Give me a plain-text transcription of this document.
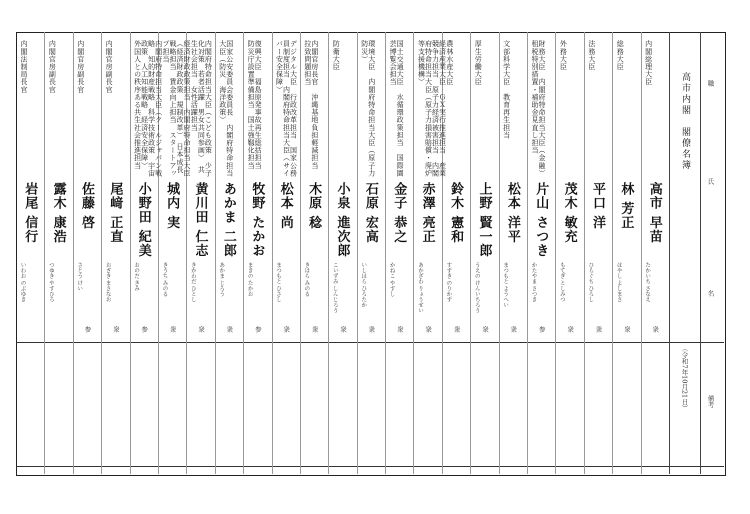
職
氏
名
備考
高市内閣　閣僚名簿
（令和7年10月21日）
内閣総理大臣
高市 早苗
たかいち さなえ
衆
総務大臣
林 芳正
はやし よしまさ
衆
法務大臣
平口 洋
ひらぐち ひろし
衆
外務大臣
茂木 敏充
もてぎ としみつ
衆
財務大臣　内閣府特命担当大臣（金融）　租税特別措置・補助金見直し担当
片山 さつき
かたやま さつき
参
文部科学大臣　教育再生担当
松本 洋平
まつもと ようへい
衆
厚生労働大臣
上野 賢一郎
うえの けんいちろう
衆
農林水産大臣
鈴木 憲和
すずき のりかず
衆
経済産業大臣　ＧＸ実行推進担当　産業競争力担当　原子力経済被害担当　内閣府特命担当大臣（原子力損害賠償・廃炉等支援機構）
赤澤 亮正
あかざわ りょうせい
衆
国土交通大臣　水循環政策担当　国際園芸博覧会担当
金子 恭之
かねこ やすし
衆
環境大臣　内閣府特命担当大臣（原子力防災）
石原 宏高
いしはら ひろたか
衆
防衛大臣
小泉 進次郎
こいずみ しんじろう
衆
内閣官房長官　沖縄基地負担軽減担当　拉致問題担当
木原 稔
きはら みのる
衆
デジタル大臣　行政改革担当　国家公務員制度担当　内閣府特命担当大臣（サイバー安全保障）
松本 尚
まつもと ひさし
衆
復興大臣　福島原発事故再生総括担当　防災庁設置準備担当　国土強靱化担当
牧野 たかお
まきの たかお
参
国家公安委員会委員長　内閣府特命担当大臣（防災　海洋政策）
あかま 二郎
あかま じろう
衆
内閣府特命担当大臣（こども政策　少子化対策　若者活躍　男女共同参画）　共生社会担当　女性活躍担当
黄川田 仁志
きかわだ ひとし
衆
経済財政政策担当　内閣府特命担当大臣（経済財政政策　規制改革）　日本成長戦略担当　賃金向上担当　スタートアップ担当
城内 実
きうち みのる
衆
内閣府特命担当大臣（クールジャパン戦略　知的財産戦略　科学技術政策　宇宙政策　人工知能戦略　経済安全保障）　外国人との秩序ある共生社会推進担当
小野田 紀美
おのだ きみ
参
内閣官房副長官
尾﨑 正直
おざき まさなお
衆
内閣官房副長官
佐藤 啓
さとう けい
参
内閣官房副長官
露木 康浩
つゆき やすひろ
内閣法制局長官
岩尾 信行
いわお のぶゆき
